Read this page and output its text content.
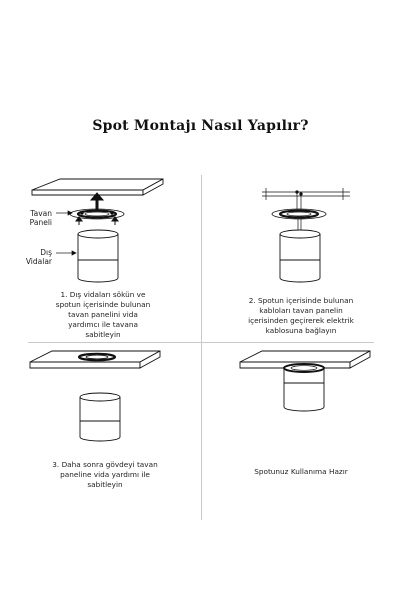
Spot Montajı Nasıl Yapılır?
Tavan Paneli
Dış Vidalar
1. Dış vidaları sökün ve spotun içerisinde bulunan tavan panelini vida yardımcı ile tavana sabitleyin
2. Spotun içerisinde bulunan kabloları tavan panelin içerisinden geçirerek elektrik kablosuna bağlayın
3. Daha sonra gövdeyi tavan paneline vida yardımı ile sabitleyin
Spotunuz Kullanıma Hazır
